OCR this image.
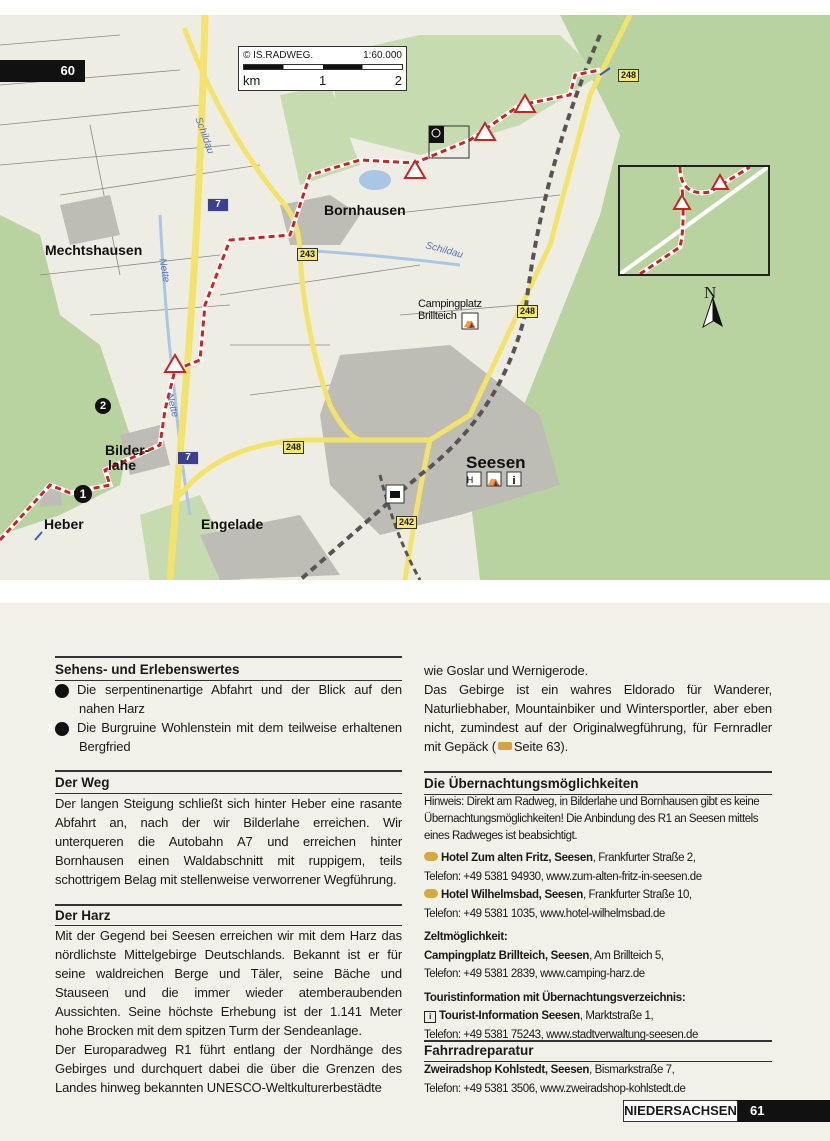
H ⛺ i
⛺
© IS.RADWEG.	1:60.000
km	1	2
N
Bornhausen
Mechtshausen
Bilder-
lahe
Heber	Engelade
Seesen
Campingplatz
Brillteich
Schildau
Schildau
Nette
Nette
7
7
243
248
248
248
242
1
2
60
Sehens- und Erlebenswertes

1 Die serpentinenartige Abfahrt und der Blick auf den nahen Harz

2 Die Burgruine Wohlenstein mit dem teilweise erhaltenen Bergfried

Der Weg
Der langen Steigung schließt sich hinter Heber eine rasante Abfahrt an, nach der wir Bilderlahe erreichen. Wir unterqueren die Autobahn A7 und erreichen hinter Bornhausen einen Waldabschnitt mit ruppigem, teils schottrigem Belag mit stellenweise verworrener Wegführung.
Der Harz

Mit der Gegend bei Seesen erreichen wir mit dem Harz das nördlichste Mittelgebirge Deutschlands. Bekannt ist er für seine waldreichen Berge und Täler, seine Bäche und Stauseen und die immer wieder atemberaubenden Aussichten. Seine höchste Erhebung ist der 1.141 Meter hohe Brocken mit dem spitzen Turm der Sendeanlage.

Der Europaradweg R1 führt entlang der Nordhänge des Gebirges und durchquert dabei die über die Grenzen des Landes hinweg bekannten UNESCO-Weltkulturerbestädte

wie Goslar und Wernigerode.

Das Gebirge ist ein wahres Eldorado für Wanderer, Naturliebhaber, Mountainbiker und Wintersportler, aber eben nicht, zumindest auf der Originalwegführung, für Fernradler mit Gepäck ( Seite 63).

Die Übernachtungsmöglichkeiten

Hinweis: Direkt am Radweg, in Bilderlahe und Bornhausen gibt es keine Übernachtungsmöglichkeiten! Die Anbindung des R1 an Seesen mittels eines Radweges ist beabsichtigt.

Hotel Zum alten Fritz, Seesen, Frankfurter Straße 2,

Telefon: +49 5381 94930, www.zum-alten-fritz-in-seesen.de

Hotel Wilhelmsbad, Seesen, Frankfurter Straße 10,

Telefon: +49 5381 1035, www.hotel-wilhelmsbad.de

Zeltmöglichkeit:

Campingplatz Brillteich, Seesen, Am Brillteich 5,

Telefon: +49 5381 2839, www.camping-harz.de

Touristinformation mit Übernachtungsverzeichnis:

i Tourist-Information Seesen, Marktstraße 1,

Telefon: +49 5381 75243, www.stadtverwaltung-seesen.de

Fahrradreparatur

Zweiradshop Kohlstedt, Seesen, Bismarkstraße 7,

Telefon: +49 5381 3506, www.zweiradshop-kohlstedt.de

NIEDERSACHSEN	61
